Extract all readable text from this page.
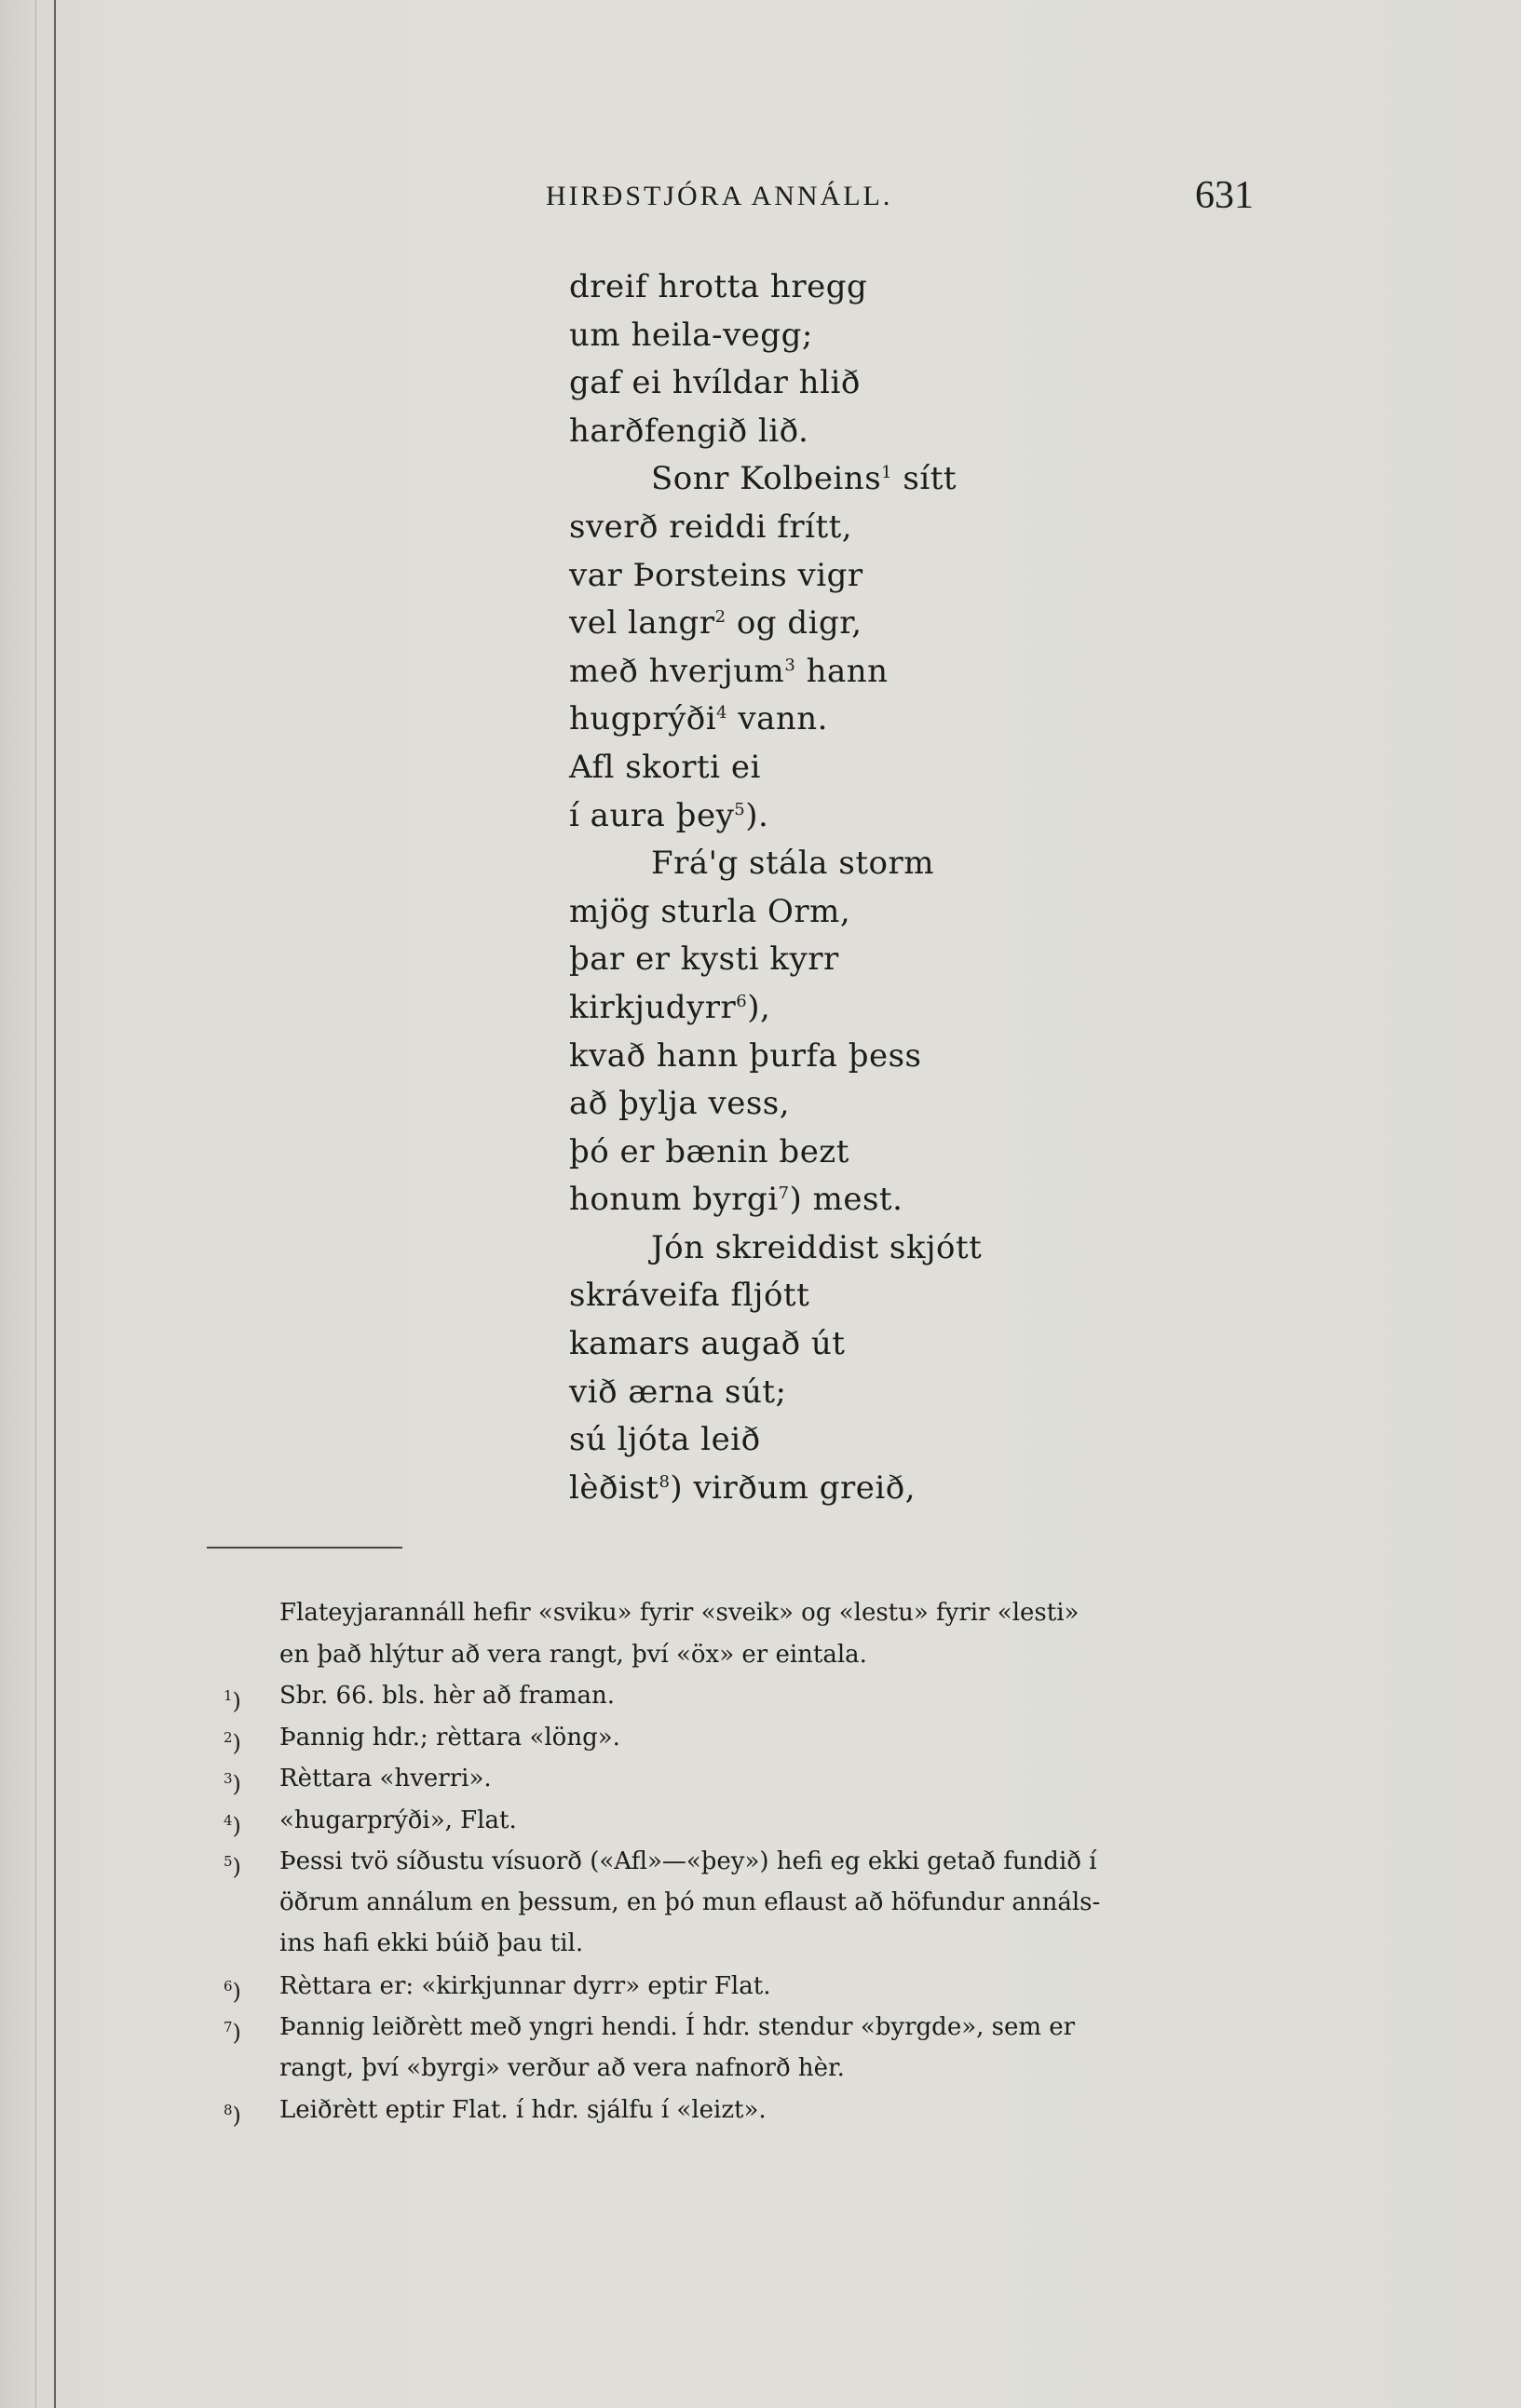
HIRÐSTJÓRA ANNÁLL.	631
dreif hrotta hregg
um heila-vegg;
gaf ei hvíldar hlið
harðfengið lið.
Sonr Kolbeins$^1$ sítt
sverð reiddi frítt,
var Þorsteins vigr
vel langr$^2$ og digr,
með hverjum$^3$ hann
hugprýði$^4$ vann.
Afl skorti ei
í aura þey$^5$).
Frá'g stála storm
mjög sturla Orm,
þar er kysti kyrr
kirkjudyrr$^6$),
kvað hann þurfa þess
að þylja vess,
þó er bænin bezt
honum byrgi$^7$) mest.
Jón skreiddist skjótt
skráveifa fljótt
kamars augað út
við ærna sút;
sú ljóta leið
lèðist$^8$) virðum greið,
Flateyjarannáll hefir «sviku» fyrir «sveik» og «lestu» fyrir «lesti»
en það hlýtur að vera rangt, því «öx» er eintala.
$^1$)	Sbr. 66. bls. hèr að framan.
$^2$)	Þannig hdr.; rèttara «löng».
$^3$)	Rèttara «hverri».
$^4$)	«hugarprýði», Flat.
$^5$)	Þessi tvö síðustu vísuorð («Afl»—«þey») hefi eg ekki getað fundið í
öðrum annálum en þessum, en þó mun eflaust að höfundur annáls-
ins hafi ekki búið þau til.
$^6$)	Rèttara er: «kirkjunnar dyrr» eptir Flat.
$^7$)	Þannig leiðrètt með yngri hendi. Í hdr. stendur «byrgde», sem er
rangt, því «byrgi» verður að vera nafnorð hèr.
$^8$)	Leiðrètt eptir Flat. í hdr. sjálfu í «leizt».
